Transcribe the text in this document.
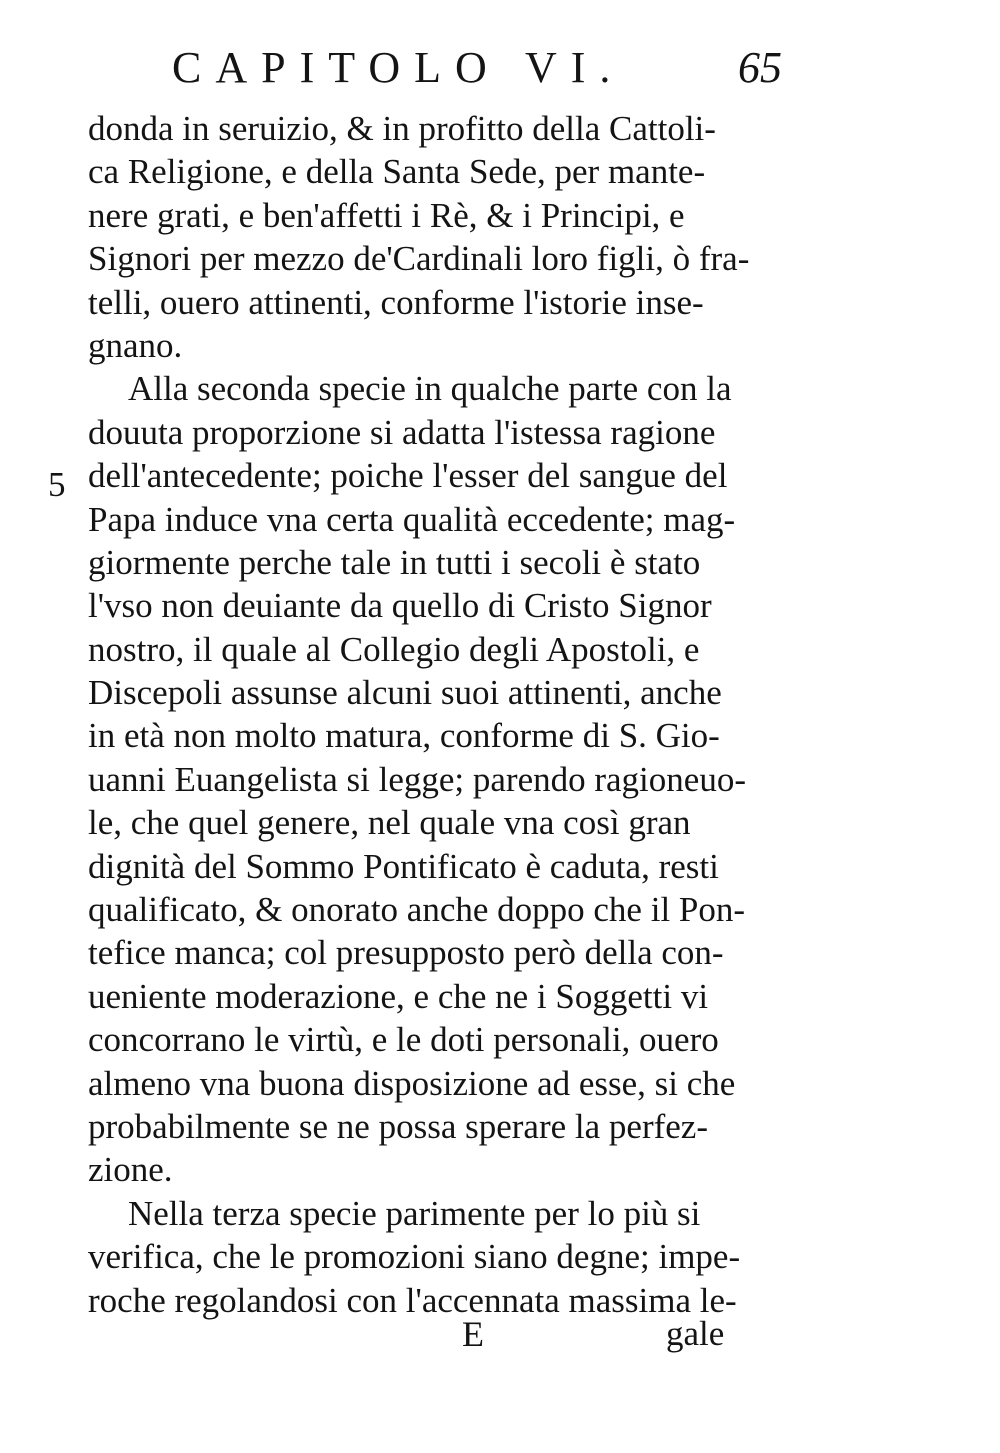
CAPITOLO VI.	65
5
donda in seruizio, & in profitto della Cattoli-
ca Religione, e della Santa Sede, per mante-
nere grati, e ben'affetti i Rè, & i Principi, e
Signori per mezzo de'Cardinali loro figli, ò fra-
telli, ouero attinenti, conforme l'istorie inse-
gnano.
Alla seconda specie in qualche parte con la
douuta proporzione si adatta l'istessa ragione
dell'antecedente; poiche l'esser del sangue del
Papa induce vna certa qualità eccedente; mag-
giormente perche tale in tutti i secoli è stato
l'vso non deuiante da quello di Cristo Signor
nostro, il quale al Collegio degli Apostoli, e
Discepoli assunse alcuni suoi attinenti, anche
in età non molto matura, conforme di S. Gio-
uanni Euangelista si legge; parendo ragioneuo-
le, che quel genere, nel quale vna così gran
dignità del Sommo Pontificato è caduta, resti
qualificato, & onorato anche doppo che il Pon-
tefice manca; col presupposto però della con-
ueniente moderazione, e che ne i Soggetti vi
concorrano le virtù, e le doti personali, ouero
almeno vna buona disposizione ad esse, si che
probabilmente se ne possa sperare la perfez-
zione.
Nella terza specie parimente per lo più si
verifica, che le promozioni siano degne; impe-
roche regolandosi con l'accennata massima le-
E	gale
